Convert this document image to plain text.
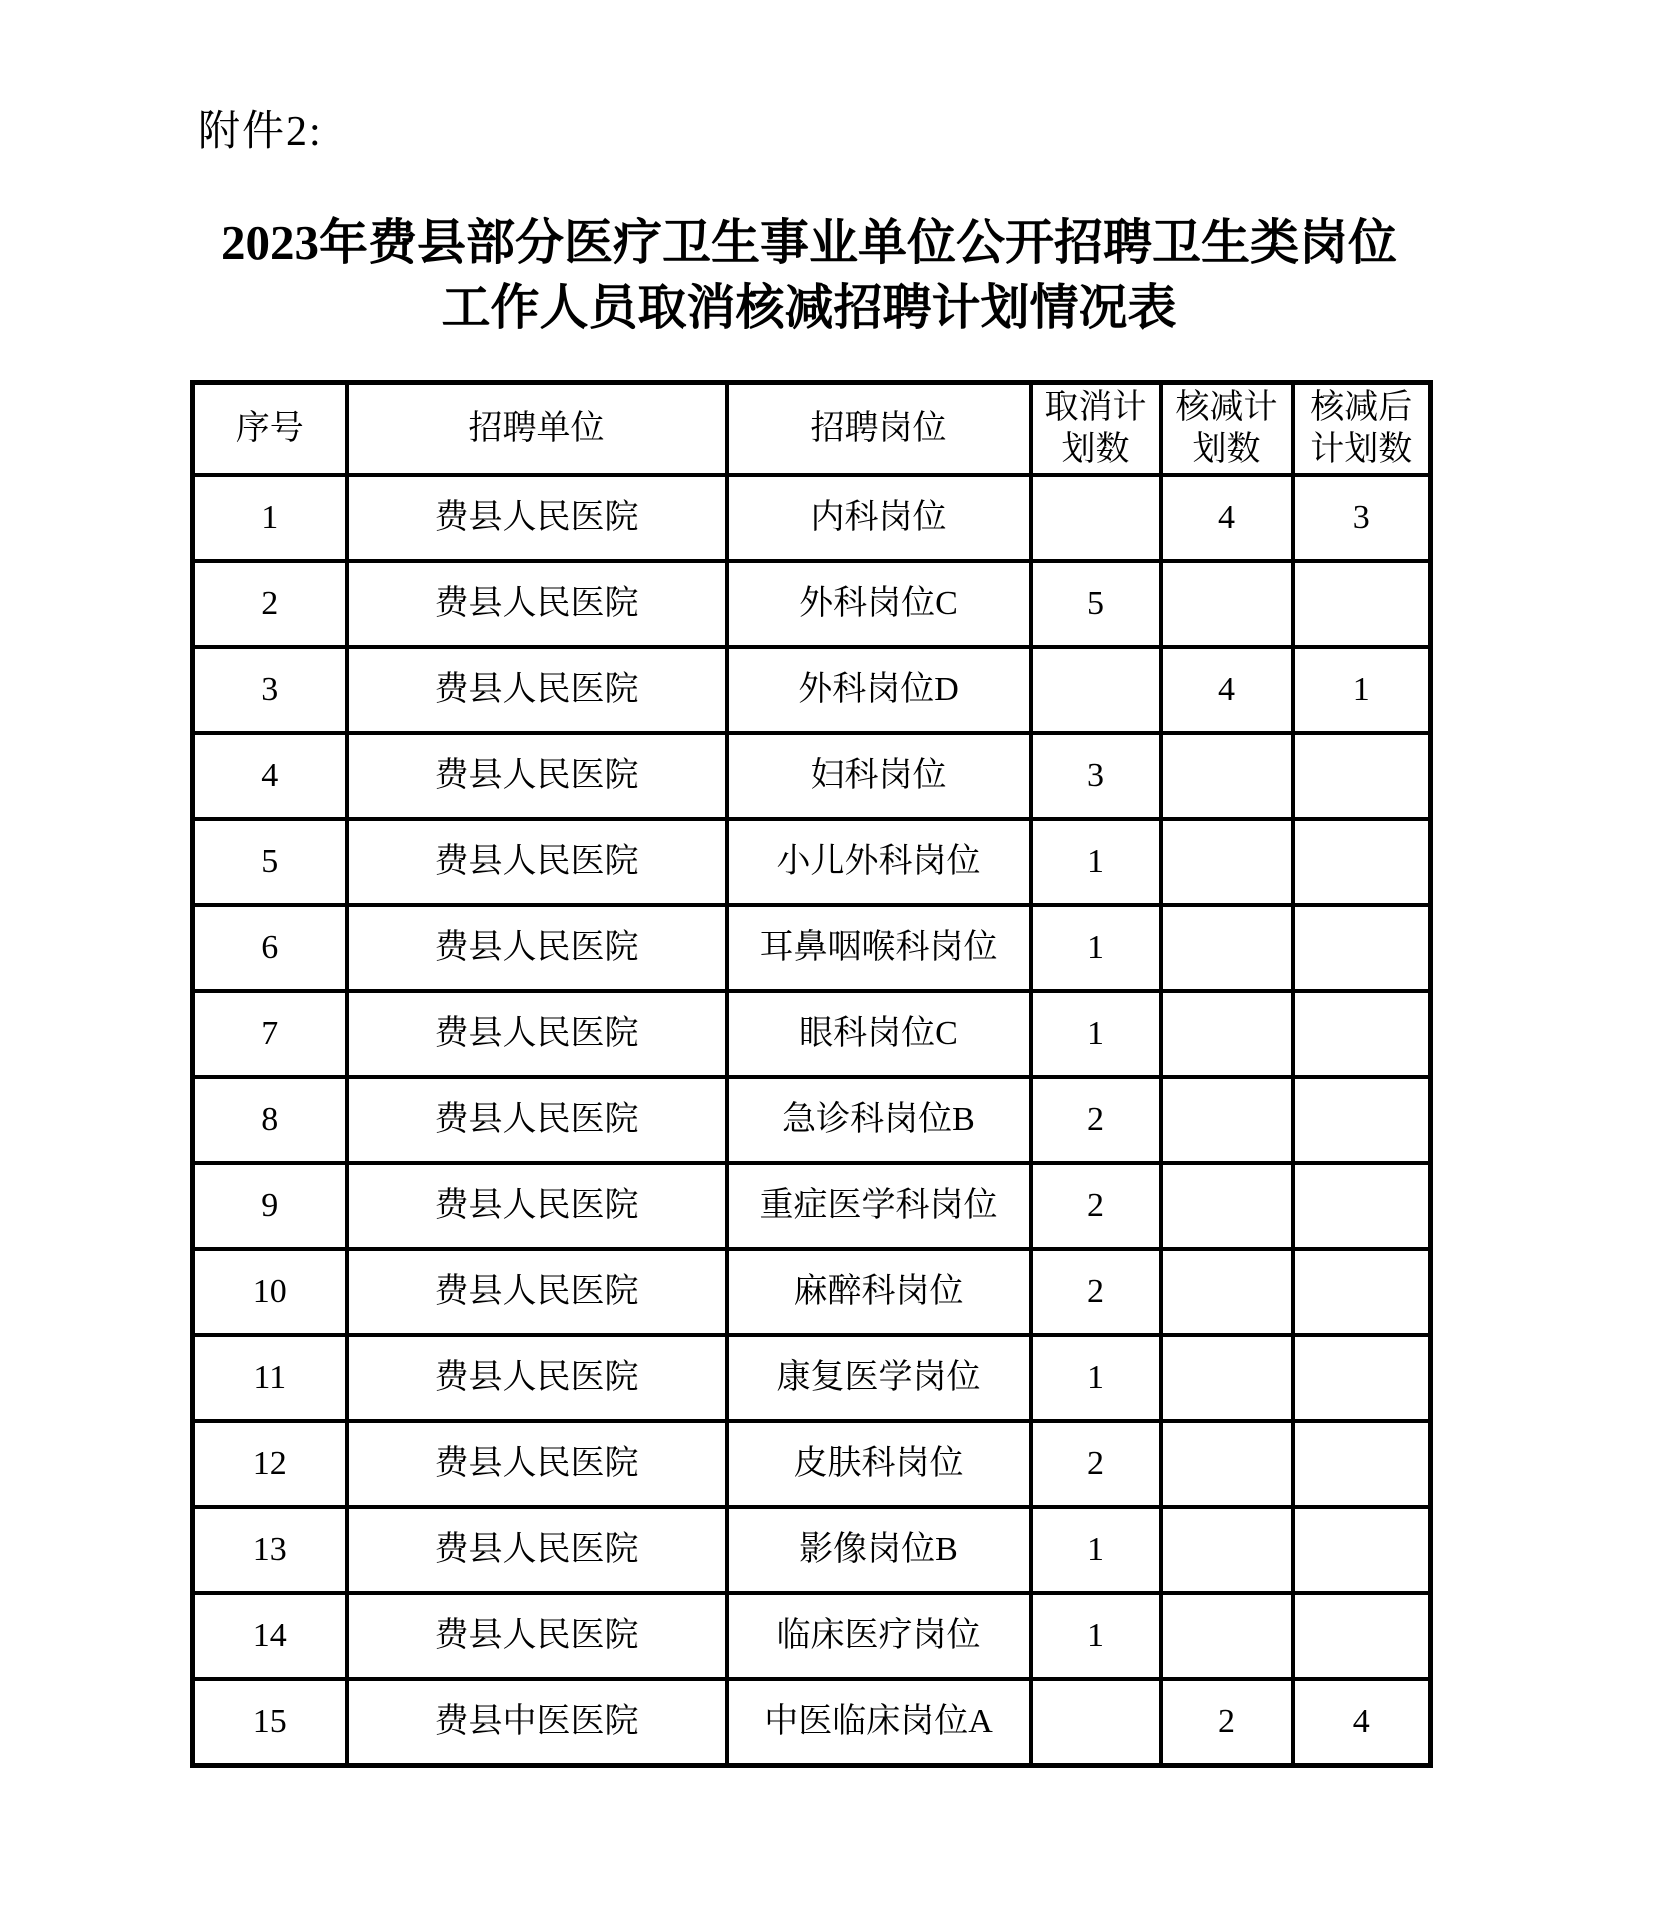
附件2:
2023年费县部分医疗卫生事业单位公开招聘卫生类岗位
工作人员取消核减招聘计划情况表
序号	招聘单位	招聘岗位	取消计划数	核减计划数	核减后计划数
1	费县人民医院	内科岗位		4	3
2	费县人民医院	外科岗位C	5		
3	费县人民医院	外科岗位D		4	1
4	费县人民医院	妇科岗位	3		
5	费县人民医院	小儿外科岗位	1		
6	费县人民医院	耳鼻咽喉科岗位	1		
7	费县人民医院	眼科岗位C	1		
8	费县人民医院	急诊科岗位B	2		
9	费县人民医院	重症医学科岗位	2		
10	费县人民医院	麻醉科岗位	2		
11	费县人民医院	康复医学岗位	1		
12	费县人民医院	皮肤科岗位	2		
13	费县人民医院	影像岗位B	1		
14	费县人民医院	临床医疗岗位	1		
15	费县中医医院	中医临床岗位A		2	4
